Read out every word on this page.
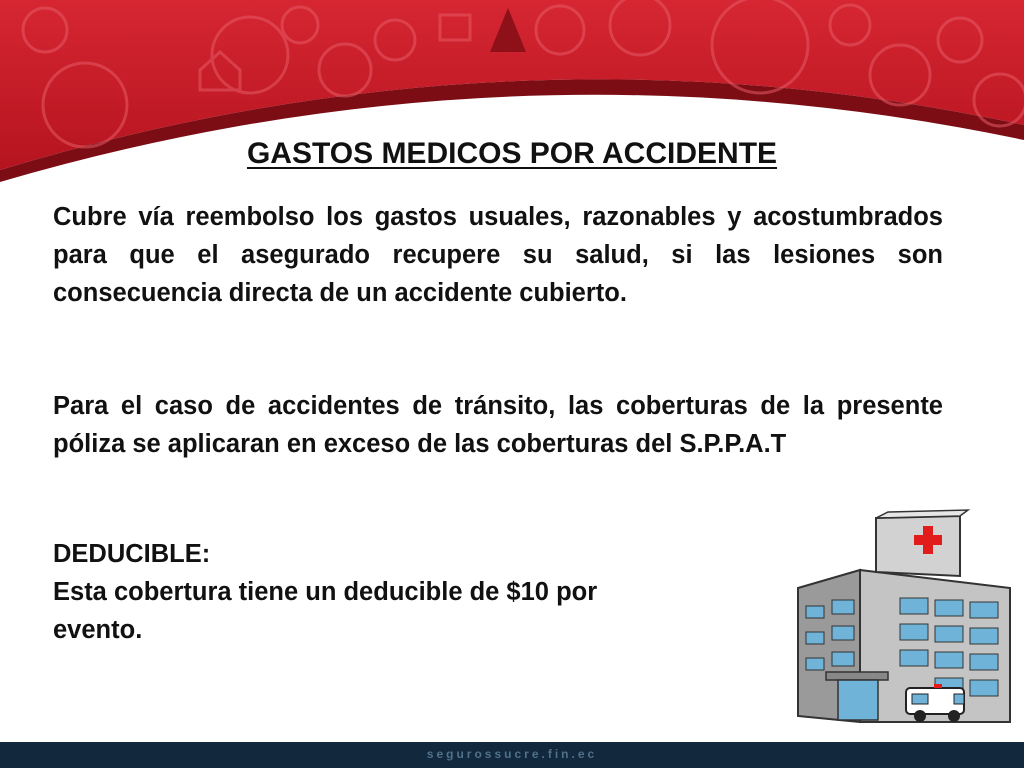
GASTOS MEDICOS POR ACCIDENTE
Cubre vía reembolso los gastos usuales, razonables y acostumbrados para que el asegurado recupere su salud, si las lesiones son consecuencia directa de un accidente cubierto.
Para el caso de accidentes de tránsito, las coberturas de la presente póliza se aplicaran en exceso de las coberturas del S.P.P.A.T
DEDUCIBLE:
Esta cobertura tiene un deducible de $10 por
evento.
segurossucre.fin.ec
